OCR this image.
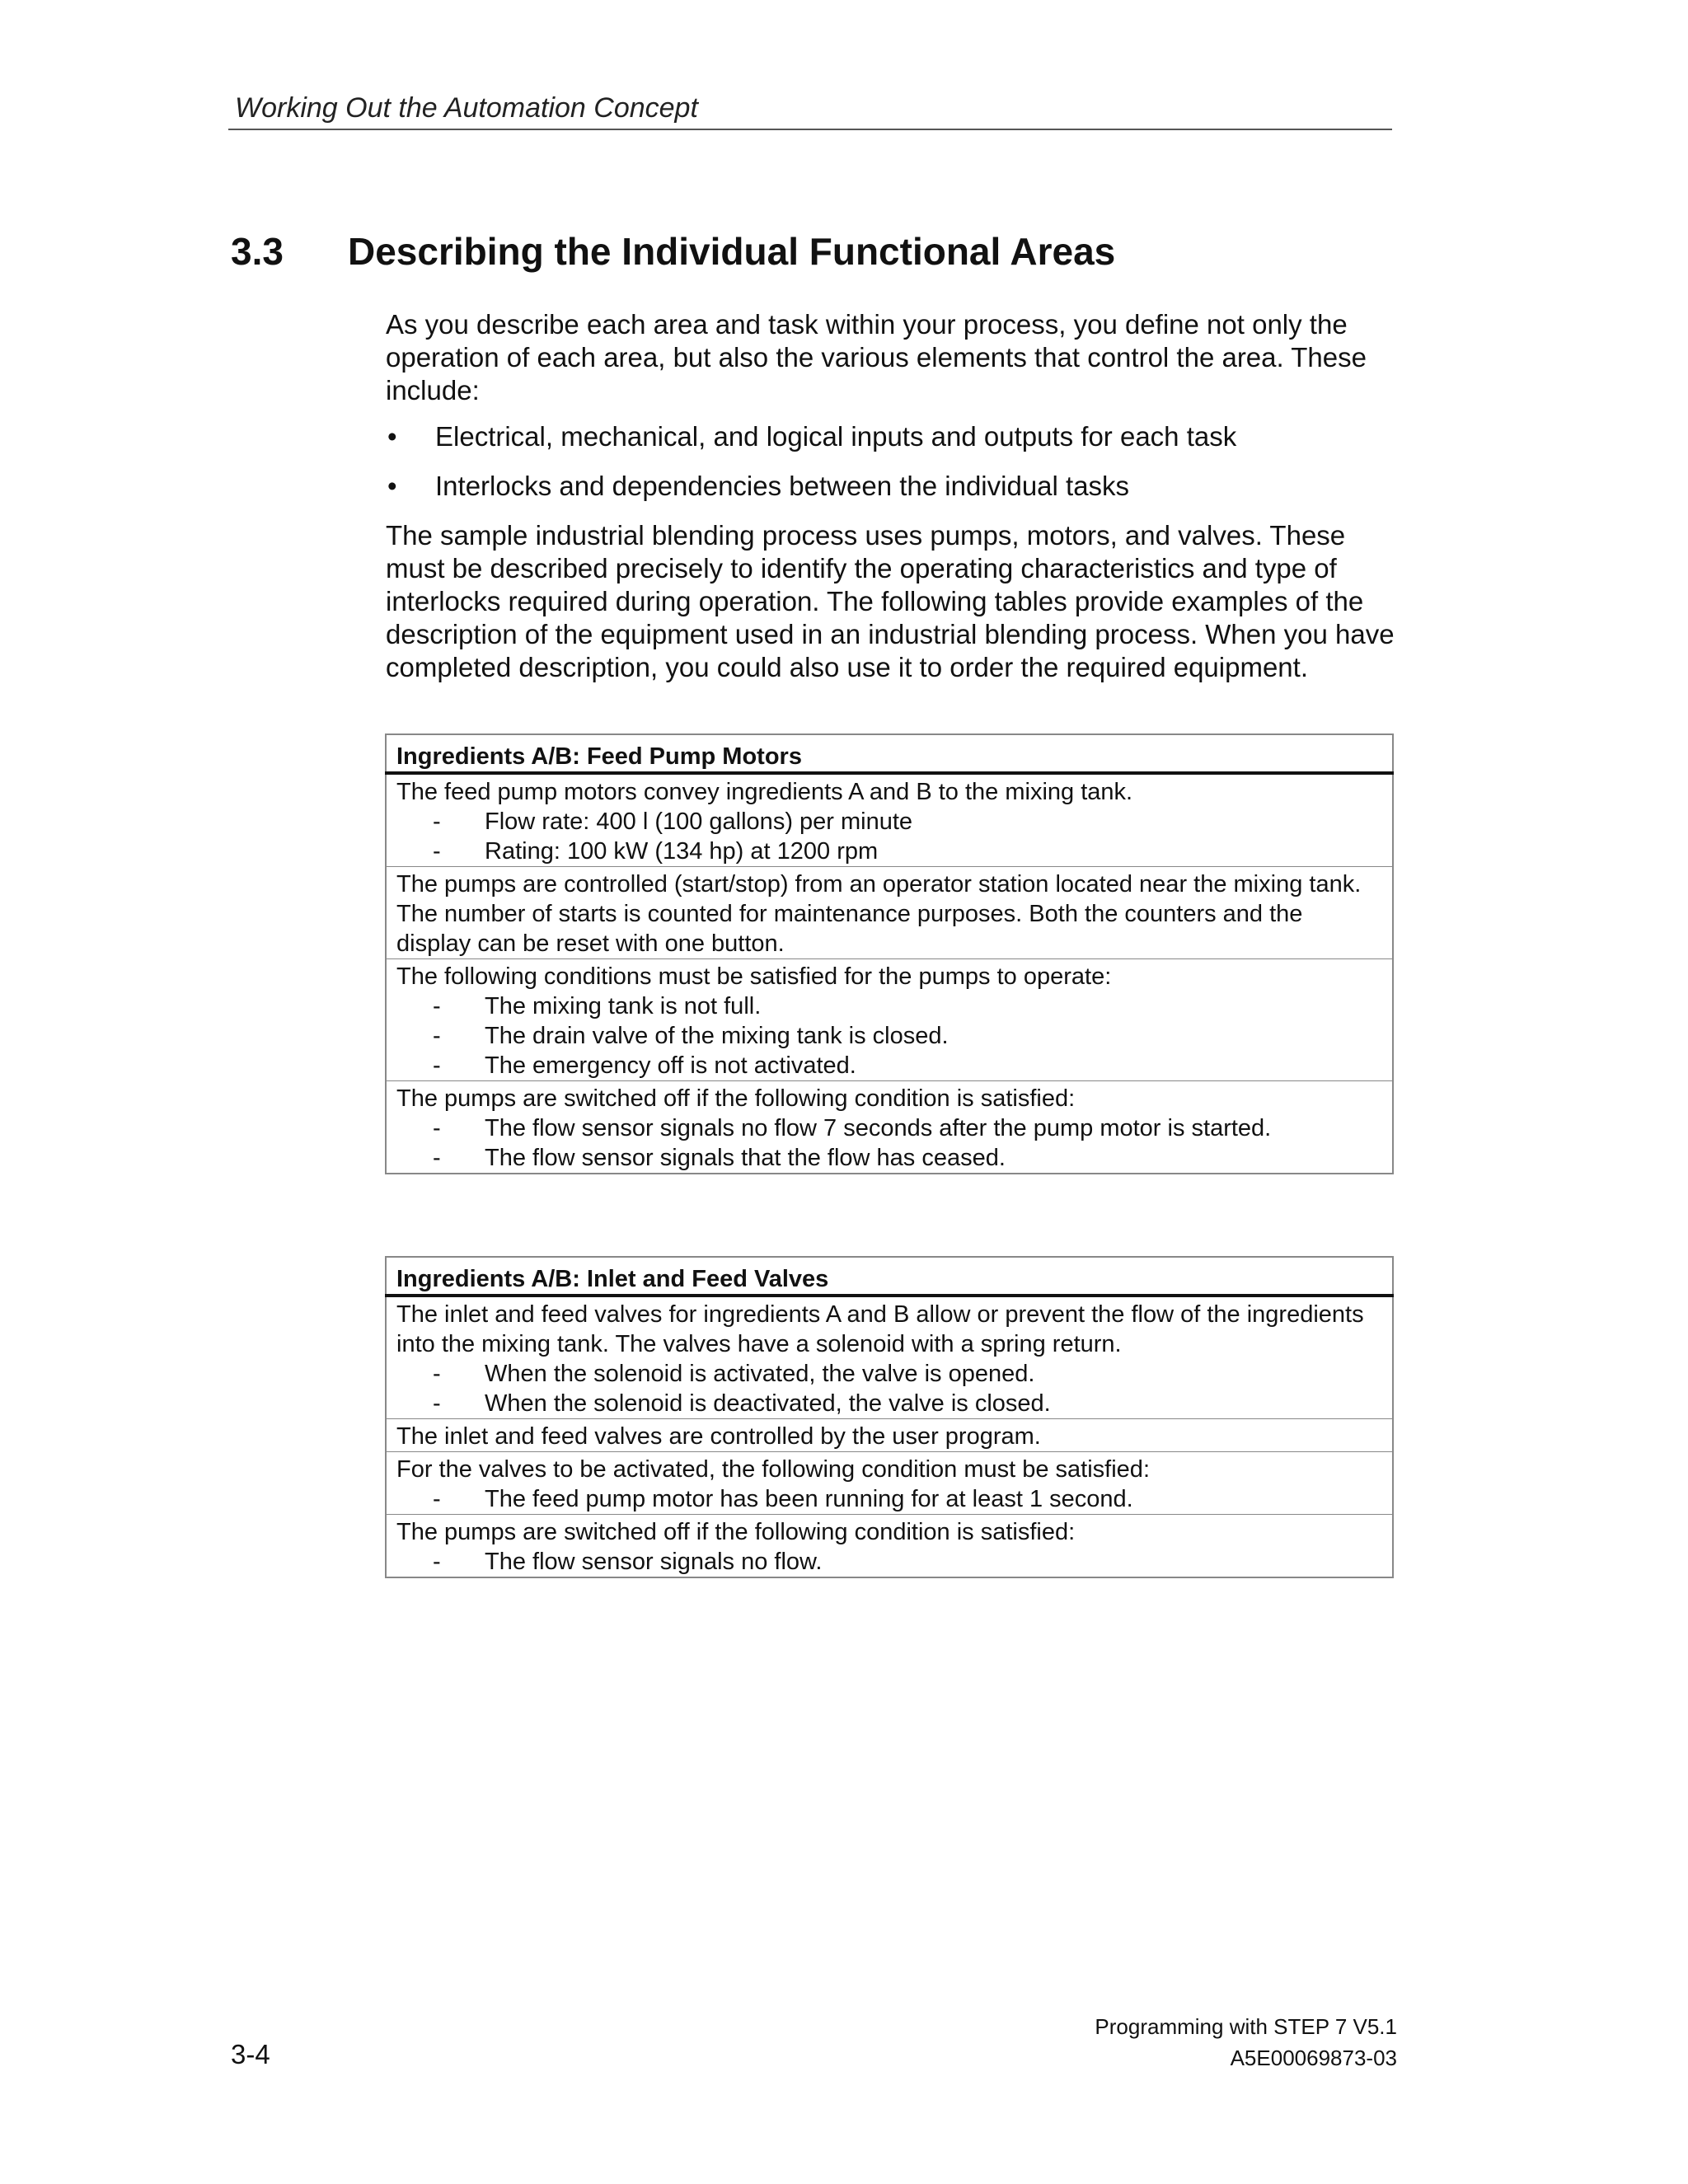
Working Out the Automation Concept
3.3 Describing the Individual Functional Areas

As you describe each area and task within your process, you define not only the operation of each area, but also the various elements that control the area. These include:

• Electrical, mechanical, and logical inputs and outputs for each task
• Interlocks and dependencies between the individual tasks

The sample industrial blending process uses pumps, motors, and valves. These must be described precisely to identify the operating characteristics and type of interlocks required during operation. The following tables provide examples of the description of the equipment used in an industrial blending process. When you have completed description, you could also use it to order the required equipment.

Ingredients A/B: Feed Pump Motors

The feed pump motors convey ingredients A and B to the mixing tank.
- Flow rate: 400 l (100 gallons) per minute
- Rating: 100 kW (134 hp) at 1200 rpm

The pumps are controlled (start/stop) from an operator station located near the mixing tank. The number of starts is counted for maintenance purposes. Both the counters and the display can be reset with one button.

The following conditions must be satisfied for the pumps to operate:
- The mixing tank is not full.
- The drain valve of the mixing tank is closed.
- The emergency off is not activated.

The pumps are switched off if the following condition is satisfied:
- The flow sensor signals no flow 7 seconds after the pump motor is started.
- The flow sensor signals that the flow has ceased.
Ingredients A/B: Inlet and Feed Valves

The inlet and feed valves for ingredients A and B allow or prevent the flow of the ingredients into the mixing tank. The valves have a solenoid with a spring return.
- When the solenoid is activated, the valve is opened.
- When the solenoid is deactivated, the valve is closed.

The inlet and feed valves are controlled by the user program.

For the valves to be activated, the following condition must be satisfied:
- The feed pump motor has been running for at least 1 second.

The pumps are switched off if the following condition is satisfied:
- The flow sensor signals no flow.
3-4
Programming with STEP 7 V5.1
A5E00069873-03
